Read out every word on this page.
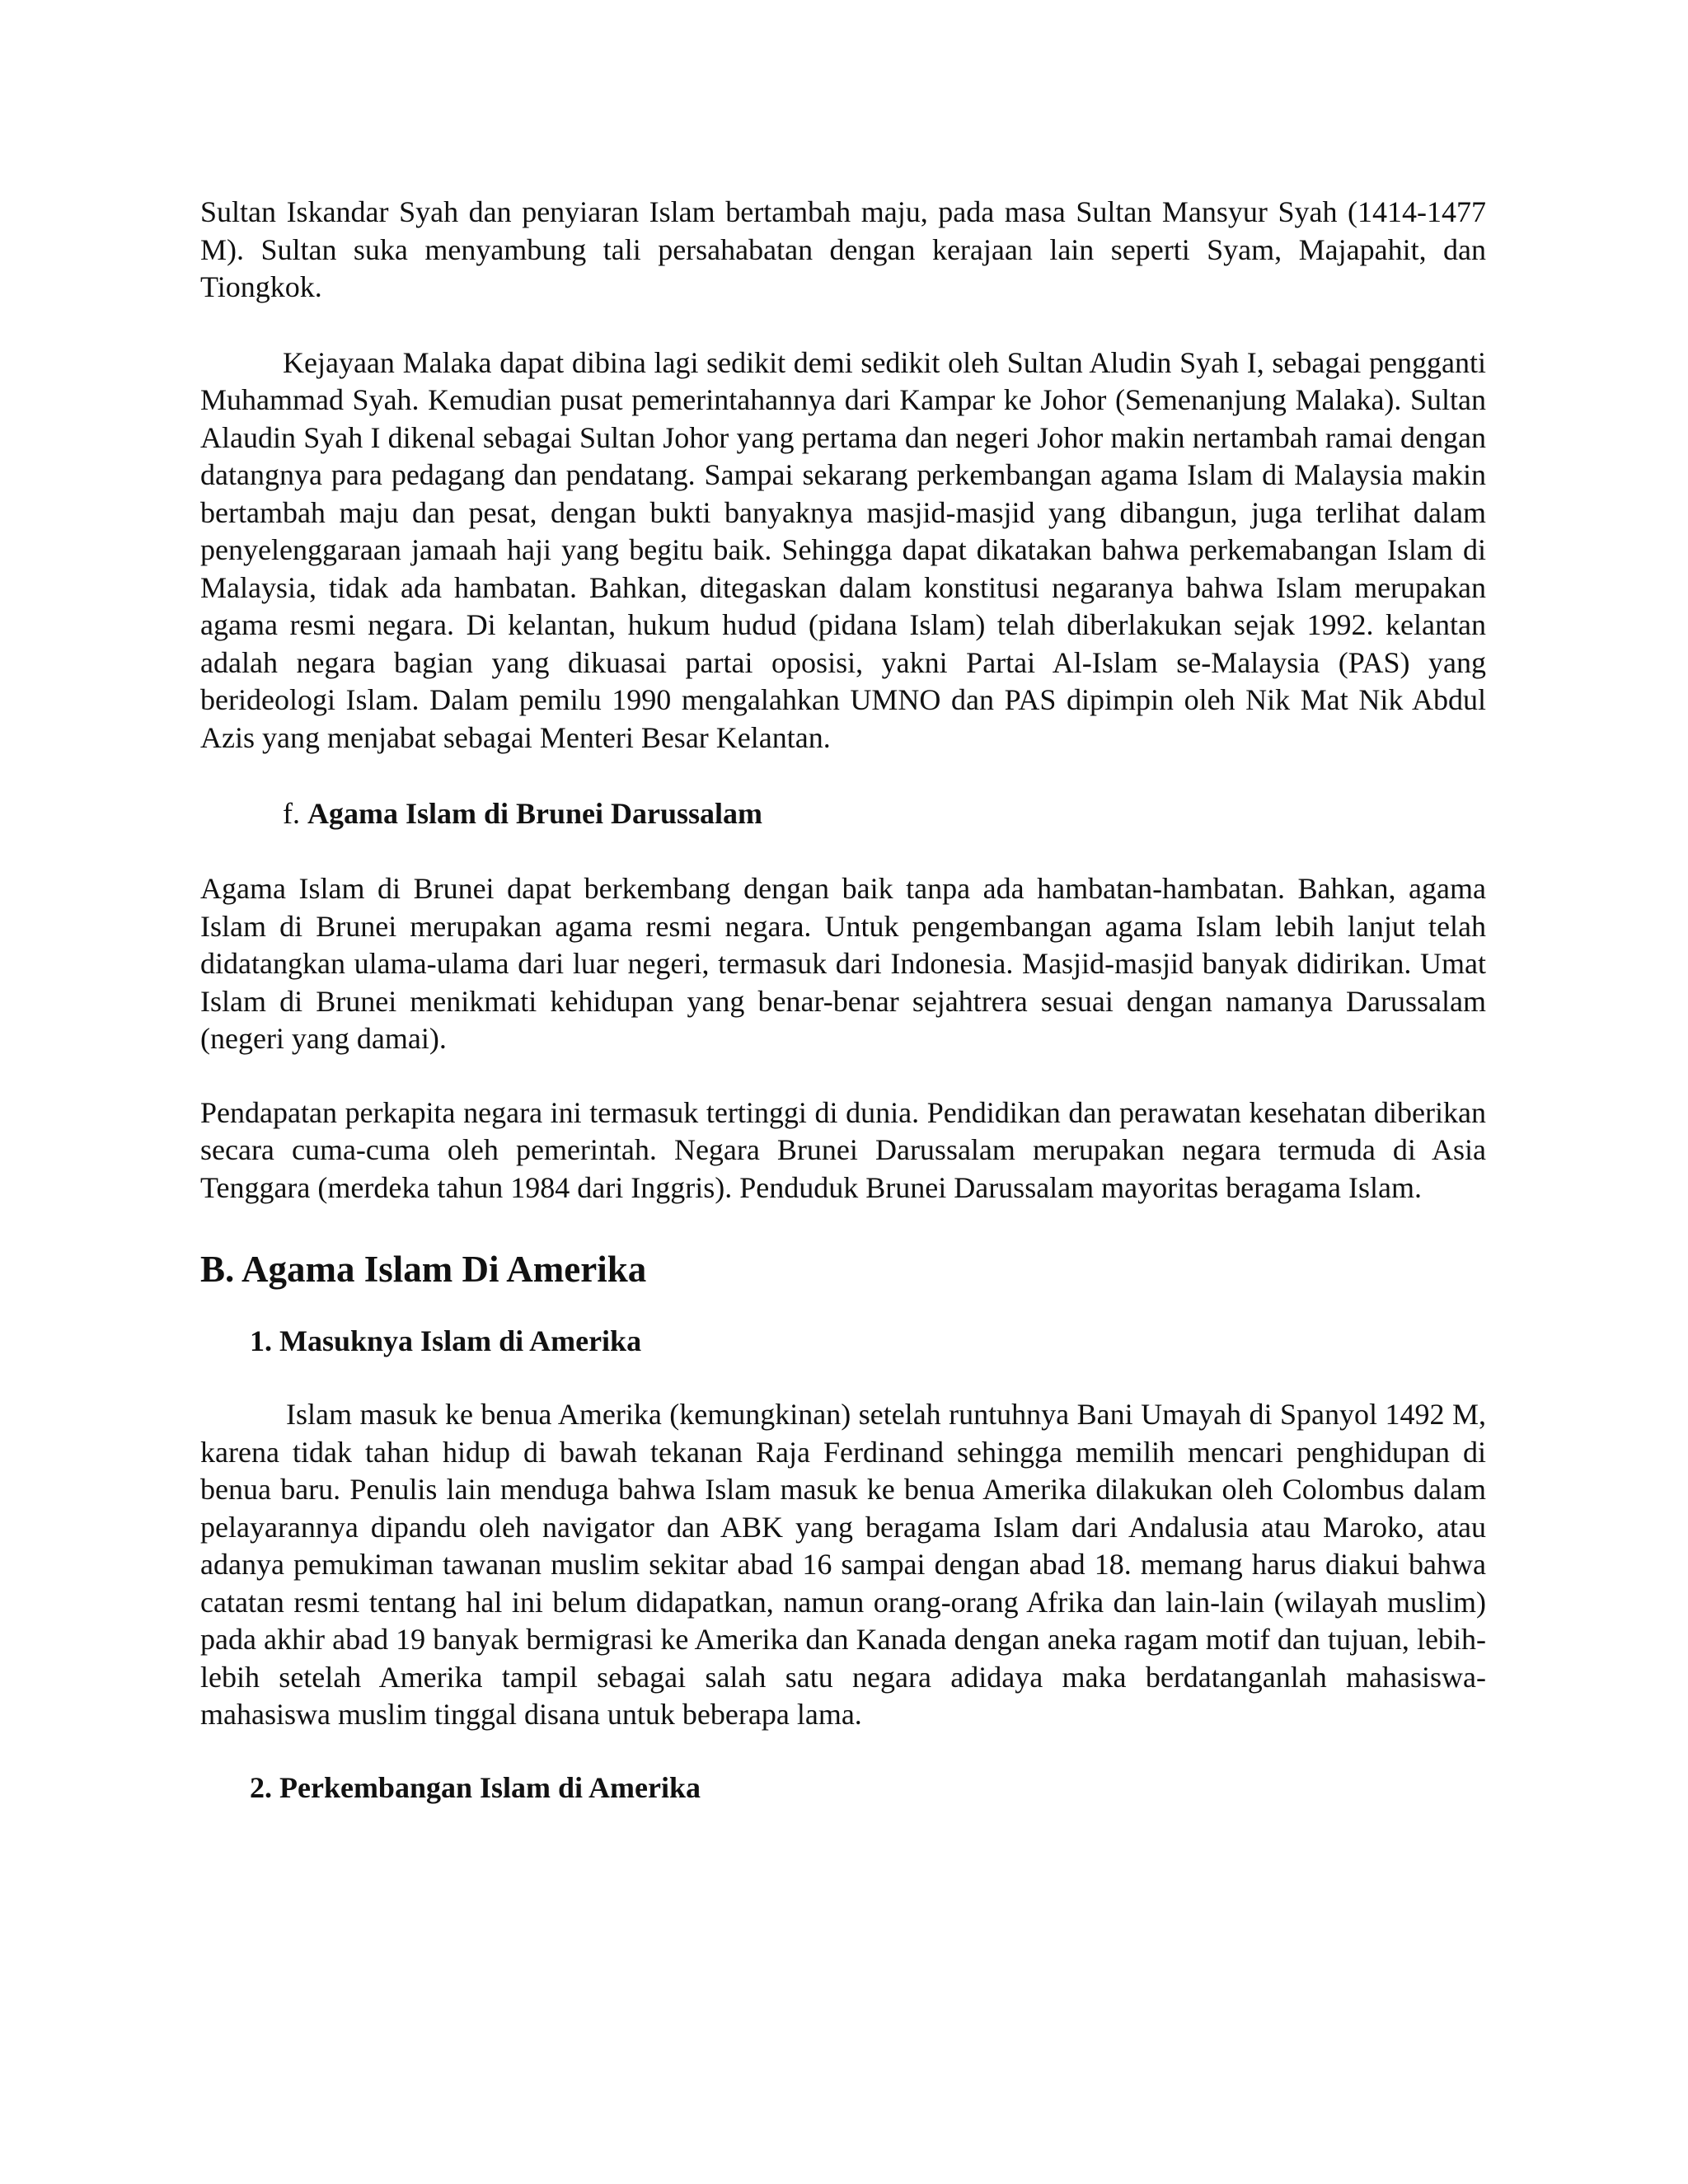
Sultan Iskandar Syah dan penyiaran Islam bertambah maju, pada masa Sultan Mansyur Syah (1414-1477 M). Sultan suka menyambung tali persahabatan dengan kerajaan lain seperti Syam, Majapahit, dan Tiongkok.

Kejayaan Malaka dapat dibina lagi sedikit demi sedikit oleh Sultan Aludin Syah I, sebagai pengganti Muhammad Syah. Kemudian pusat pemerintahannya dari Kampar ke Johor (Semenanjung Malaka). Sultan Alaudin Syah I dikenal sebagai Sultan Johor yang pertama dan negeri Johor makin nertambah ramai dengan datangnya para pedagang dan pendatang. Sampai sekarang perkembangan agama Islam di Malaysia makin bertambah maju dan pesat, dengan bukti banyaknya masjid-masjid yang dibangun, juga terlihat dalam penyelenggaraan jamaah haji yang begitu baik. Sehingga dapat dikatakan bahwa perkemabangan Islam di Malaysia, tidak ada hambatan. Bahkan, ditegaskan dalam konstitusi negaranya bahwa Islam merupakan agama resmi negara. Di kelantan, hukum hudud (pidana Islam) telah diberlakukan sejak 1992. kelantan adalah negara bagian yang dikuasai partai oposisi, yakni Partai Al-Islam se-Malaysia (PAS) yang berideologi Islam. Dalam pemilu 1990 mengalahkan UMNO dan PAS dipimpin oleh Nik Mat Nik Abdul Azis yang menjabat sebagai Menteri Besar Kelantan.

f. Agama Islam di Brunei Darussalam

Agama Islam di Brunei dapat berkembang dengan baik tanpa ada hambatan-hambatan. Bahkan, agama Islam di Brunei merupakan agama resmi negara. Untuk pengembangan agama Islam lebih lanjut telah didatangkan ulama-ulama dari luar negeri, termasuk dari Indonesia. Masjid-masjid banyak didirikan. Umat Islam di Brunei menikmati kehidupan yang benar-benar sejahtrera sesuai dengan namanya Darussalam (negeri yang damai).

Pendapatan perkapita negara ini termasuk tertinggi di dunia. Pendidikan dan perawatan kesehatan diberikan secara cuma-cuma oleh pemerintah. Negara Brunei Darussalam merupakan negara termuda di Asia Tenggara (merdeka tahun 1984 dari Inggris). Penduduk Brunei Darussalam mayoritas beragama Islam.

B. Agama Islam Di Amerika
1. Masuknya Islam di Amerika

Islam masuk ke benua Amerika (kemungkinan) setelah runtuhnya Bani Umayah di Spanyol 1492 M, karena tidak tahan hidup di bawah tekanan Raja Ferdinand sehingga memilih mencari penghidupan di benua baru. Penulis lain menduga bahwa Islam masuk ke benua Amerika dilakukan oleh Colombus dalam pelayarannya dipandu oleh navigator dan ABK yang beragama Islam dari Andalusia atau Maroko, atau adanya pemukiman tawanan muslim sekitar abad 16 sampai dengan abad 18. memang harus diakui bahwa catatan resmi tentang hal ini belum didapatkan, namun orang-orang Afrika dan lain-lain (wilayah muslim) pada akhir abad 19 banyak bermigrasi ke Amerika dan Kanada dengan aneka ragam motif dan tujuan, lebih-lebih setelah Amerika tampil sebagai salah satu negara adidaya maka berdatanganlah mahasiswa-mahasiswa muslim tinggal disana untuk beberapa lama.

2. Perkembangan Islam di Amerika
